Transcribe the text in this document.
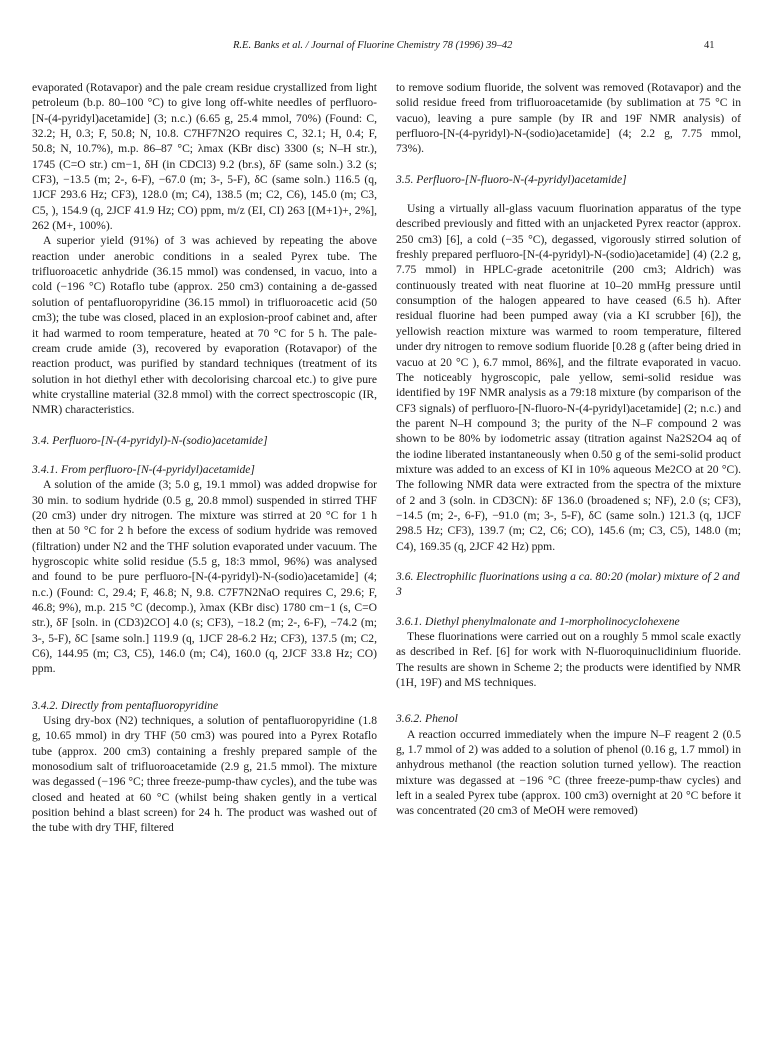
R.E. Banks et al. / Journal of Fluorine Chemistry 78 (1996) 39–42	41

evaporated (Rotavapor) and the pale cream residue crystallized from light petroleum (b.p. 80–100 °C) to give long off-white needles of perfluoro-[N-(4-pyridyl)acetamide] (3; n.c.) (6.65 g, 25.4 mmol, 70%) (Found: C, 32.2; H, 0.3; F, 50.8; N, 10.8. C7HF7N2O requires C, 32.1; H, 0.4; F, 50.8; N, 10.7%), m.p. 86–87 °C; λmax (KBr disc) 3300 (s; N–H str.), 1745 (C=O str.) cm−1, δH (in CDCl3) 9.2 (br.s), δF (same soln.) 3.2 (s; CF3), −13.5 (m; 2-, 6-F), −67.0 (m; 3-, 5-F), δC (same soln.) 116.5 (q, 1JCF 293.6 Hz; CF3), 128.0 (m; C4), 138.5 (m; C2, C6), 145.0 (m; C3, C5, ), 154.9 (q, 2JCF 41.9 Hz; CO) ppm, m/z (EI, CI) 263 [(M+1)+, 2%], 262 (M+, 100%).

A superior yield (91%) of 3 was achieved by repeating the above reaction under anerobic conditions in a sealed Pyrex tube. The trifluoroacetic anhydride (36.15 mmol) was condensed, in vacuo, into a cold (−196 °C) Rotaflo tube (approx. 250 cm3) containing a de-gassed solution of pentafluoropyridine (36.15 mmol) in trifluoroacetic acid (50 cm3); the tube was closed, placed in an explosion-proof cabinet and, after it had warmed to room temperature, heated at 70 °C for 5 h. The pale-cream crude amide (3), recovered by evaporation (Rotavapor) of the reaction product, was purified by standard techniques (treatment of its solution in hot diethyl ether with decolorising charcoal etc.) to give pure white crystalline material (32.8 mmol) with the correct spectroscopic (IR, NMR) characteristics.

3.4. Perfluoro-[N-(4-pyridyl)-N-(sodio)acetamide]
3.4.1. From perfluoro-[N-(4-pyridyl)acetamide]

A solution of the amide (3; 5.0 g, 19.1 mmol) was added dropwise for 30 min. to sodium hydride (0.5 g, 20.8 mmol) suspended in stirred THF (20 cm3) under dry nitrogen. The mixture was stirred at 20 °C for 1 h then at 50 °C for 2 h before the excess of sodium hydride was removed (filtration) under N2 and the THF solution evaporated under vacuum. The hygroscopic white solid residue (5.5 g, 18:3 mmol, 96%) was analysed and found to be pure perfluoro-[N-(4-pyridyl)-N-(sodio)acetamide] (4; n.c.) (Found: C, 29.4; F, 46.8; N, 9.8. C7F7N2NaO requires C, 29.6; F, 46.8; 9%), m.p. 215 °C (decomp.), λmax (KBr disc) 1780 cm−1 (s, C=O str.), δF [soln. in (CD3)2CO] 4.0 (s; CF3), −18.2 (m; 2-, 6-F), −74.2 (m; 3-, 5-F), δC [same soln.] 119.9 (q, 1JCF 28-6.2 Hz; CF3), 137.5 (m; C2, C6), 144.95 (m; C3, C5), 146.0 (m; C4), 160.0 (q, 2JCF 33.8 Hz; CO) ppm.

3.4.2. Directly from pentafluoropyridine

Using dry-box (N2) techniques, a solution of pentafluoropyridine (1.8 g, 10.65 mmol) in dry THF (50 cm3) was poured into a Pyrex Rotaflo tube (approx. 200 cm3) containing a freshly prepared sample of the monosodium salt of trifluoroacetamide (2.9 g, 21.5 mmol). The mixture was degassed (−196 °C; three freeze-pump-thaw cycles), and the tube was closed and heated at 60 °C (whilst being shaken gently in a vertical position behind a blast screen) for 24 h. The product was washed out of the tube with dry THF, filtered

to remove sodium fluoride, the solvent was removed (Rotavapor) and the solid residue freed from trifluoroacetamide (by sublimation at 75 °C in vacuo), leaving a pure sample (by IR and 19F NMR analysis) of perfluoro-[N-(4-pyridyl)-N-(sodio)acetamide] (4; 2.2 g, 7.75 mmol, 73%).

3.5. Perfluoro-[N-fluoro-N-(4-pyridyl)acetamide]

Using a virtually all-glass vacuum fluorination apparatus of the type described previously and fitted with an unjacketed Pyrex reactor (approx. 250 cm3) [6], a cold (−35 °C), degassed, vigorously stirred solution of freshly prepared perfluoro-[N-(4-pyridyl)-N-(sodio)acetamide] (4) (2.2 g, 7.75 mmol) in HPLC-grade acetonitrile (200 cm3; Aldrich) was continuously treated with neat fluorine at 10–20 mmHg pressure until consumption of the halogen appeared to have ceased (6.5 h). After residual fluorine had been pumped away (via a KI scrubber [6]), the yellowish reaction mixture was warmed to room temperature, filtered under dry nitrogen to remove sodium fluoride [0.28 g (after being dried in vacuo at 20 °C ), 6.7 mmol, 86%], and the filtrate evaporated in vacuo. The noticeably hygroscopic, pale yellow, semi-solid residue was identified by 19F NMR analysis as a 79:18 mixture (by comparison of the CF3 signals) of perfluoro-[N-fluoro-N-(4-pyridyl)acetamide] (2; n.c.) and the parent N–H compound 3; the purity of the N–F compound 2 was shown to be 80% by iodometric assay (titration against Na2S2O4 aq of the iodine liberated instantaneously when 0.50 g of the semi-solid product mixture was added to an excess of KI in 10% aqueous Me2CO at 20 °C). The following NMR data were extracted from the spectra of the mixture of 2 and 3 (soln. in CD3CN): δF 136.0 (broadened s; NF), 2.0 (s; CF3), −14.5 (m; 2-, 6-F), −91.0 (m; 3-, 5-F), δC (same soln.) 121.3 (q, 1JCF 298.5 Hz; CF3), 139.7 (m; C2, C6; CO), 145.6 (m; C3, C5), 148.0 (m; C4), 169.35 (q, 2JCF 42 Hz) ppm.

3.6. Electrophilic fluorinations using a ca. 80:20 (molar) mixture of 2 and 3
3.6.1. Diethyl phenylmalonate and 1-morpholinocyclohexene

These fluorinations were carried out on a roughly 5 mmol scale exactly as described in Ref. [6] for work with N-fluoroquinuclidinium fluoride. The results are shown in Scheme 2; the products were identified by NMR (1H, 19F) and MS techniques.

3.6.2. Phenol

A reaction occurred immediately when the impure N–F reagent 2 (0.5 g, 1.7 mmol of 2) was added to a solution of phenol (0.16 g, 1.7 mmol) in anhydrous methanol (the reaction solution turned yellow). The reaction mixture was degassed at −196 °C (three freeze-pump-thaw cycles) and left in a sealed Pyrex tube (approx. 100 cm3) overnight at 20 °C before it was concentrated (20 cm3 of MeOH were removed)
